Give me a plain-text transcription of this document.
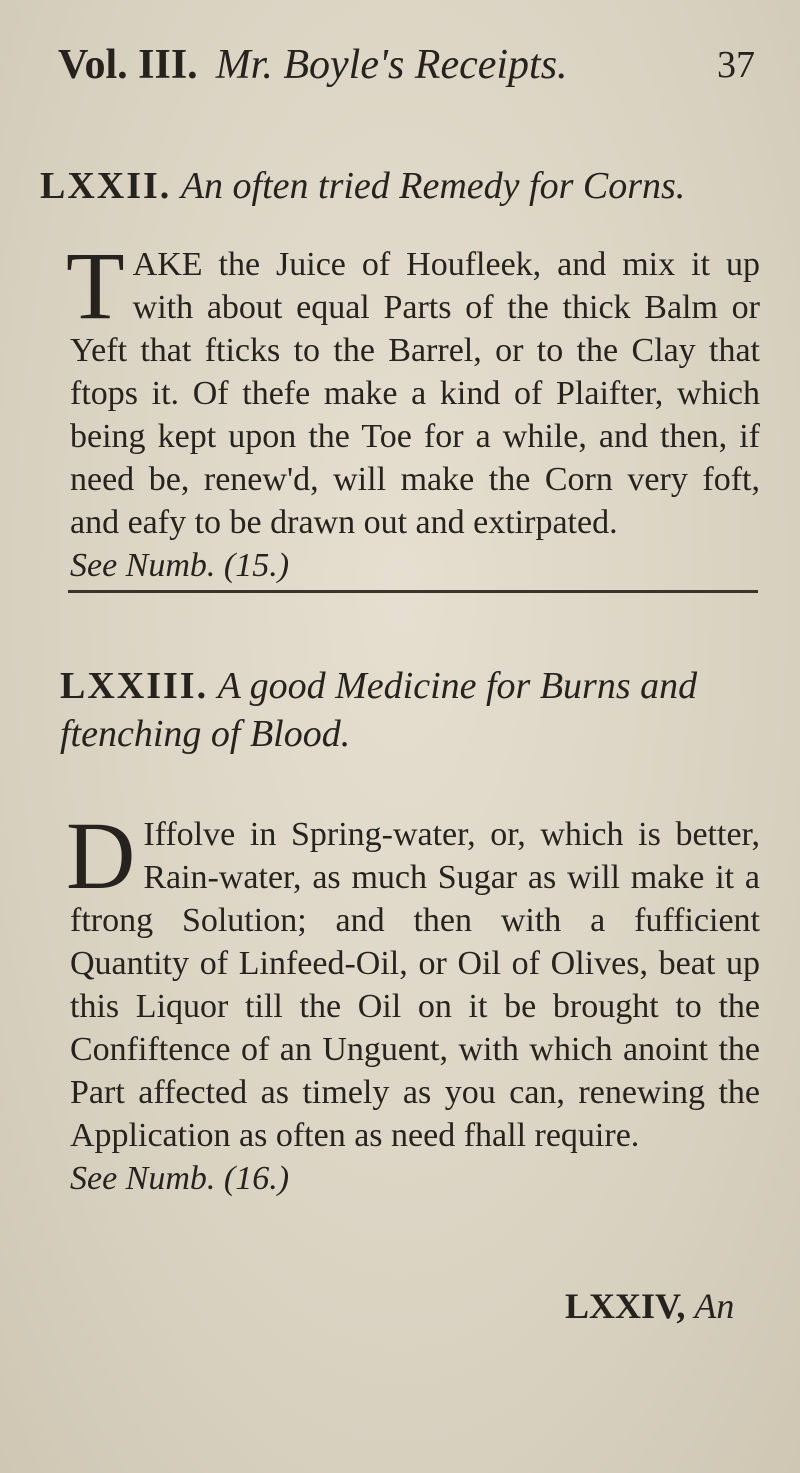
Vol. III. Mr. Boyle's Receipts.	37
LXXII. An often tried Remedy for Corns.

TAKE the Juice of Houfleek, and mix it up with about equal Parts of the thick Balm or Yeft that fticks to the Barrel, or to the Clay that ftops it. Of thefe make a kind of Plaifter, which being kept upon the Toe for a while, and then, if need be, renew'd, will make the Corn very foft, and eafy to be drawn out and extirpated.

See Numb. (15.)

LXXIII. A good Medicine for Burns and ftenching of Blood.

D Iffolve in Spring-water, or, which is better, Rain-water, as much Sugar as will make it a ftrong Solution; and then with a fufficient Quantity of Linfeed-Oil, or Oil of Olives, beat up this Liquor till the Oil on it be brought to the Confiftence of an Unguent, with which anoint the Part affected as timely as you can, renewing the Application as often as need fhall require.

See Numb. (16.)

LXXIV, An
